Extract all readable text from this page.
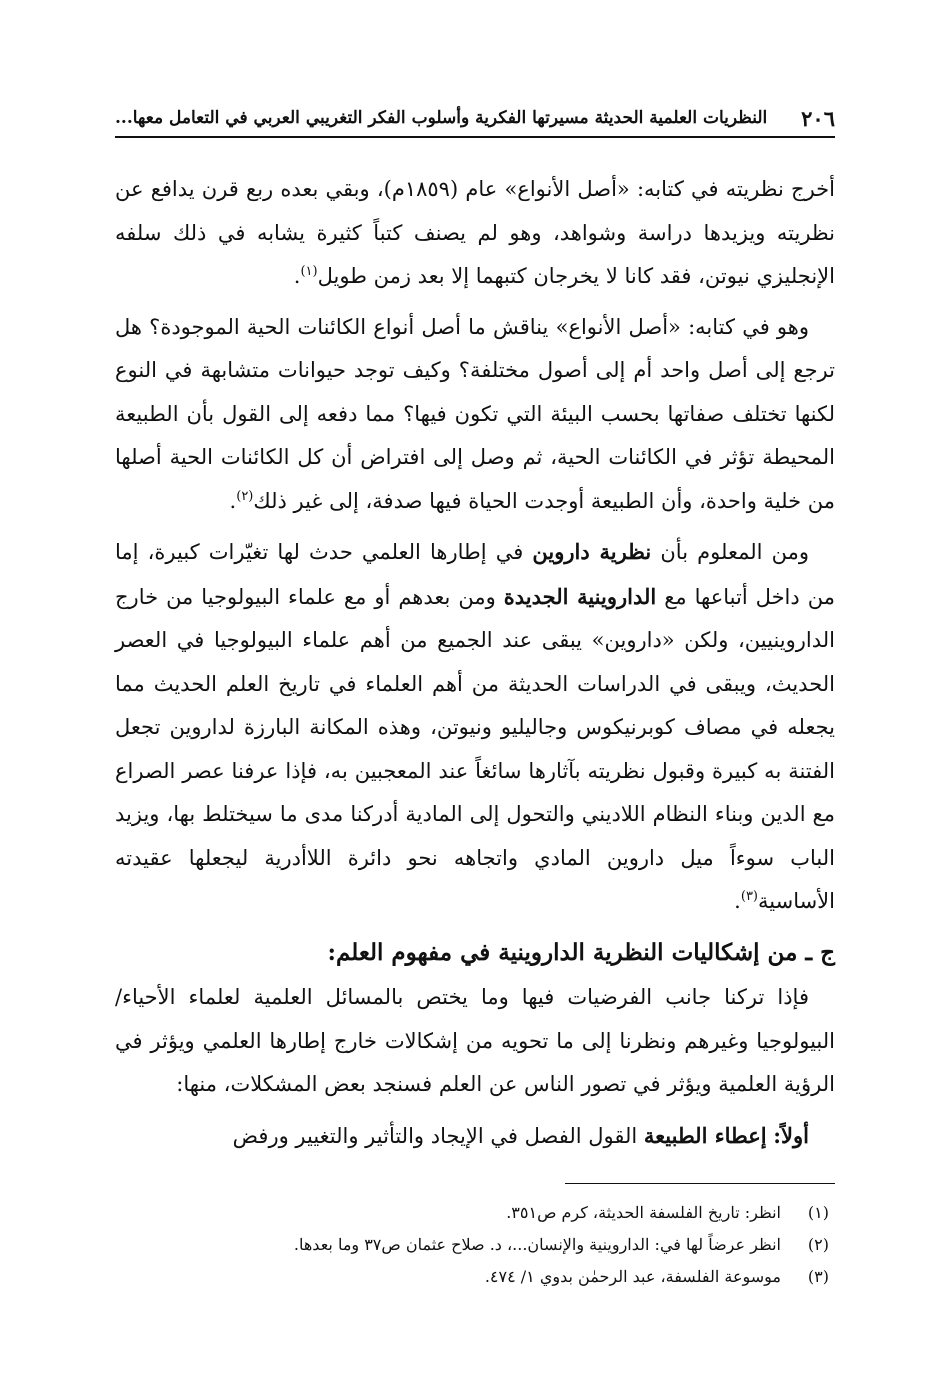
٢٠٦
النظريات العلمية الحديثة مسيرتها الفكرية وأسلوب الفكر التغريبي العربي في التعامل معها...

أخرج نظريته في كتابه: «أصل الأنواع» عام (١٨٥٩م)، وبقي بعده ربع قرن يدافع عن نظريته ويزيدها دراسة وشواهد، وهو لم يصنف كتباً كثيرة يشابه في ذلك سلفه الإنجليزي نيوتن، فقد كانا لا يخرجان كتبهما إلا بعد زمن طويل$^{(١)}$.

وهو في كتابه: «أصل الأنواع» يناقش ما أصل أنواع الكائنات الحية الموجودة؟ هل ترجع إلى أصل واحد أم إلى أصول مختلفة؟ وكيف توجد حيوانات متشابهة في النوع لكنها تختلف صفاتها بحسب البيئة التي تكون فيها؟ مما دفعه إلى القول بأن الطبيعة المحيطة تؤثر في الكائنات الحية، ثم وصل إلى افتراض أن كل الكائنات الحية أصلها من خلية واحدة، وأن الطبيعة أوجدت الحياة فيها صدفة، إلى غير ذلك$^{(٢)}$.

ومن المعلوم بأن نظرية داروين في إطارها العلمي حدث لها تغيّرات كبيرة، إما من داخل أتباعها مع الداروينية الجديدة ومن بعدهم أو مع علماء البيولوجيا من خارج الداروينيين، ولكن «داروين» يبقى عند الجميع من أهم علماء البيولوجيا في العصر الحديث، ويبقى في الدراسات الحديثة من أهم العلماء في تاريخ العلم الحديث مما يجعله في مصاف كوبرنيكوس وجاليليو ونيوتن، وهذه المكانة البارزة لداروين تجعل الفتنة به كبيرة وقبول نظريته بآثارها سائغاً عند المعجبين به، فإذا عرفنا عصر الصراع مع الدين وبناء النظام اللاديني والتحول إلى المادية أدركنا مدى ما سيختلط بها، ويزيد الباب سوءاً ميل داروين المادي واتجاهه نحو دائرة اللاأدرية ليجعلها عقيدته الأساسية$^{(٣)}$.

ج ـ من إشكاليات النظرية الداروينية في مفهوم العلم:

فإذا تركنا جانب الفرضيات فيها وما يختص بالمسائل العلمية لعلماء الأحياء/البيولوجيا وغيرهم ونظرنا إلى ما تحويه من إشكالات خارج إطارها العلمي ويؤثر في الرؤية العلمية ويؤثر في تصور الناس عن العلم فسنجد بعض المشكلات، منها:

أولاً: إعطاء الطبيعة القول الفصل في الإيجاد والتأثير والتغيير ورفض

(١)
انظر: تاريخ الفلسفة الحديثة، كرم ص٣٥١.
(٢)
انظر عرضاً لها في: الداروينية والإنسان...، د. صلاح عثمان ص٣٧ وما بعدها.
(٣)
موسوعة الفلسفة، عبد الرحمٰن بدوي ١/ ٤٧٤.
